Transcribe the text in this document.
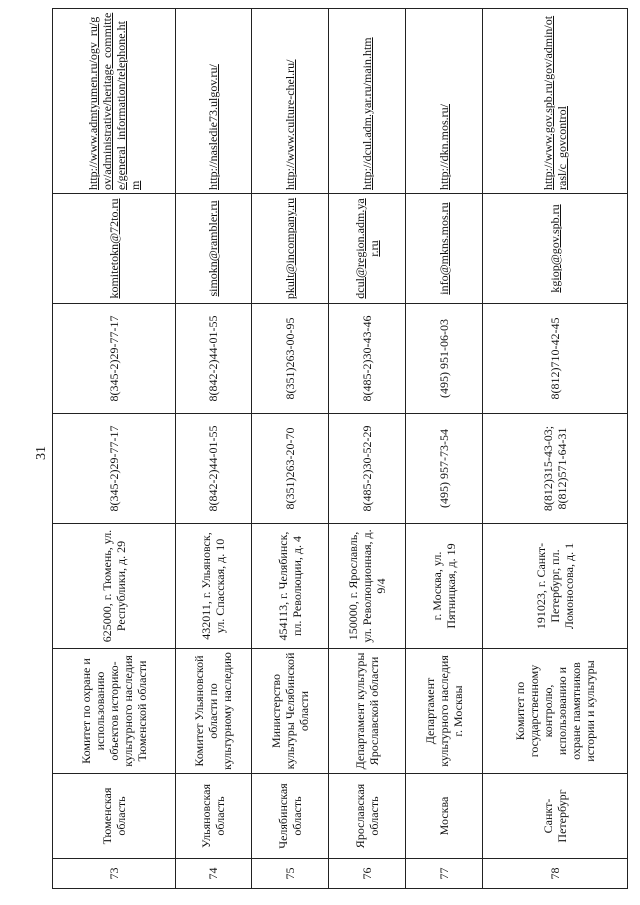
31
73	Тюменская область	Комитет по охране и использованию объектов историко-культурного наследия Тюменской области	625000, г. Тюмень, ул. Республики, д. 29	8(345-2)29-77-17	8(345-2)29-77-17	komitetokn@72to.ru	http://www.admtyumen.ru/ogv_ru/gov/administrative/heritage_committee/general_information/telephone.htm
74	Ульяновская область	Комитет Ульяновской области по культурному наследию	432011, г. Ульяновск, ул. Спасская, д. 10	8(842-2)44-01-55	8(842-2)44-01-55	simokn@rambler.ru	http://nasledie73.ulgov.ru/
75	Челябинская область	Министерство культуры Челябинской области	454113, г. Челябинск, пл. Революции, д. 4	8(351)263-20-70	8(351)263-00-95	pkult@incompany.ru	http://www.culture-chel.ru/
76	Ярославская область	Департамент культуры Ярославской области	150000, г. Ярославль, ул. Революционная, д. 9/4	8(485-2)30-52-29	8(485-2)30-43-46	dcul@region.adm.yar.ru	http://dcul.adm.yar.ru/main.htm
77	Москва	Департамент культурного наследия г. Москвы	г. Москва, ул. Пятницкая, д. 19	(495) 957-73-54	(495) 951-06-03	info@mkns.mos.ru	http://dkn.mos.ru/
78	Санкт-Петербург	Комитет по государственному контролю, использованию и охране памятников истории и культуры	191023, г. Санкт-Петербург, пл. Ломоносова, д. 1	8(812)315-43-03; 8(812)571-64-31	8(812)710-42-45	kgiop@gov.spb.ru	http://www.gov.spb.ru/gov/admin/otrasl/c_govcontrol
